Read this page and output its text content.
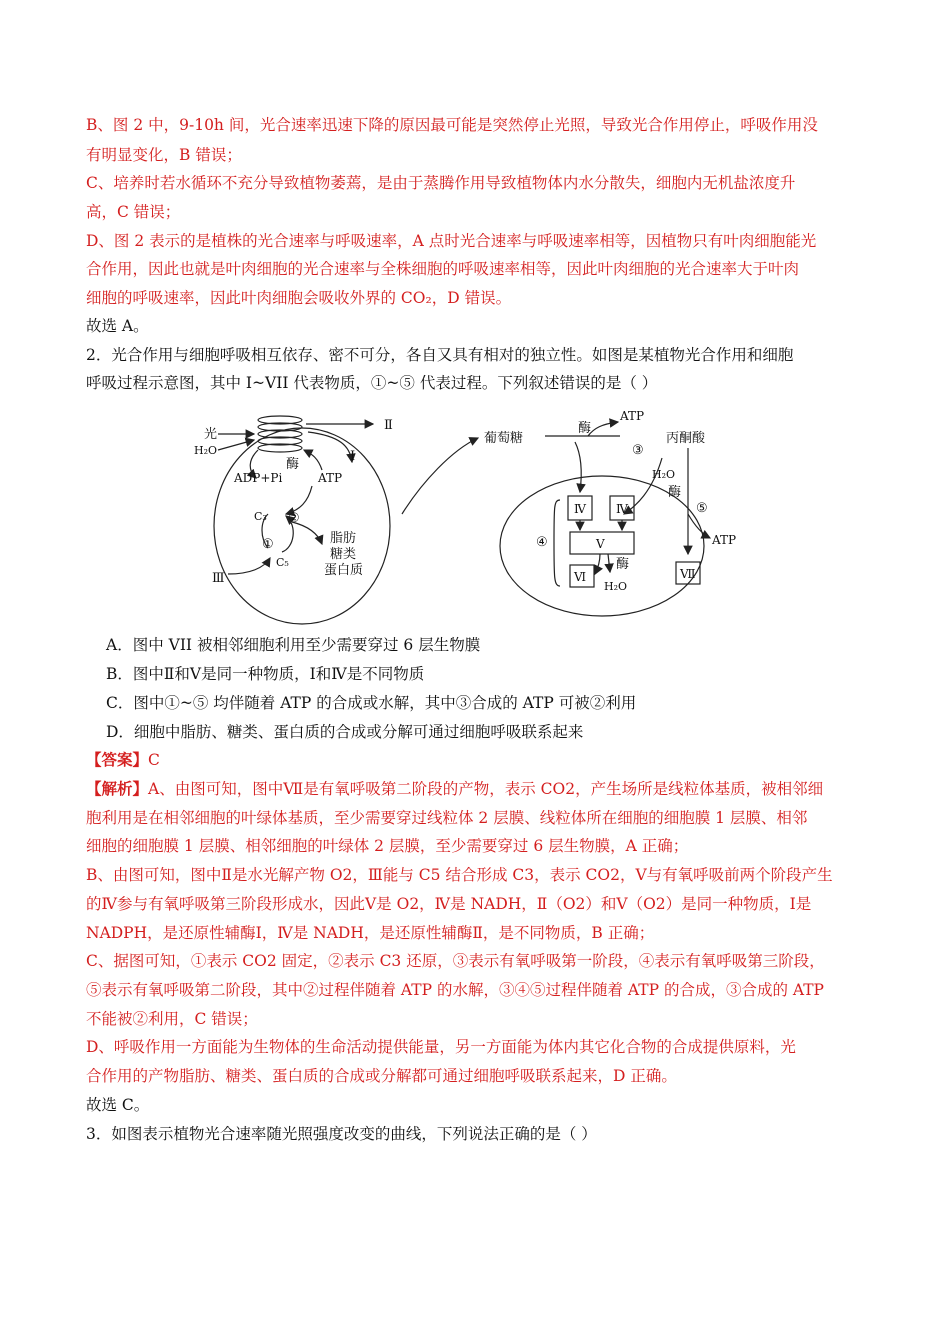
B、图 2 中，9-10h 间，光合速率迅速下降的原因最可能是突然停止光照，导致光合作用停止，呼吸作用没
有明显变化，B 错误；
C、培养时若水循环不充分导致植物萎蔫，是由于蒸腾作用导致植物体内水分散失，细胞内无机盐浓度升
高，C 错误；
D、图 2 表示的是植株的光合速率与呼吸速率，A 点时光合速率与呼吸速率相等，因植物只有叶肉细胞能光
合作用，因此也就是叶肉细胞的光合速率与全株细胞的呼吸速率相等，因此叶肉细胞的光合速率大于叶肉
细胞的呼吸速率，因此叶肉细胞会吸收外界的 CO₂，D 错误。
故选 A。
2．光合作用与细胞呼吸相互依存、密不可分，各自又具有相对的独立性。如图是某植物光合作用和细胞
呼吸过程示意图，其中 I~VII 代表物质，①~⑤ 代表过程。下列叙述错误的是（ ）
光
H₂O
Ⅱ
酶
Ⅰ
ADP+Pi	ATP
C₃ ②
①
C₅
脂肪
糖类
蛋白质
Ⅲ
葡萄糖
酶
ATP
丙酮酸
③
H₂O
酶
⑤
ATP
Ⅳ	Ⅳ
Ⅴ
Ⅵ	Ⅶ
④
酶
H₂O
A．图中 VII 被相邻细胞利用至少需要穿过 6 层生物膜
B．图中Ⅱ和Ⅴ是同一种物质，Ⅰ和Ⅳ是不同物质
C．图中①~⑤ 均伴随着 ATP 的合成或水解，其中③合成的 ATP 可被②利用
D．细胞中脂肪、糖类、蛋白质的合成或分解可通过细胞呼吸联系起来
【答案】C
【解析】A、由图可知，图中Ⅶ是有氧呼吸第二阶段的产物，表示 CO2，产生场所是线粒体基质，被相邻细
胞利用是在相邻细胞的叶绿体基质，至少需要穿过线粒体 2 层膜、线粒体所在细胞的细胞膜 1 层膜、相邻
细胞的细胞膜 1 层膜、相邻细胞的叶绿体 2 层膜，至少需要穿过 6 层生物膜，A 正确；
B、由图可知，图中Ⅱ是水光解产物 O2，Ⅲ能与 C5 结合形成 C3，表示 CO2，Ⅴ与有氧呼吸前两个阶段产生
的Ⅳ参与有氧呼吸第三阶段形成水，因此Ⅴ是 O2，Ⅳ是 NADH，Ⅱ（O2）和Ⅴ（O2）是同一种物质，Ⅰ是
NADPH，是还原性辅酶Ⅰ，Ⅳ是 NADH，是还原性辅酶Ⅱ，是不同物质，B 正确；
C、据图可知，①表示 CO2 固定，②表示 C3 还原，③表示有氧呼吸第一阶段，④表示有氧呼吸第三阶段，
⑤表示有氧呼吸第二阶段，其中②过程伴随着 ATP 的水解，③④⑤过程伴随着 ATP 的合成，③合成的 ATP
不能被②利用，C 错误；
D、呼吸作用一方面能为生物体的生命活动提供能量，另一方面能为体内其它化合物的合成提供原料，光
合作用的产物脂肪、糖类、蛋白质的合成或分解都可通过细胞呼吸联系起来，D 正确。
故选 C。
3．如图表示植物光合速率随光照强度改变的曲线，下列说法正确的是（ ）
